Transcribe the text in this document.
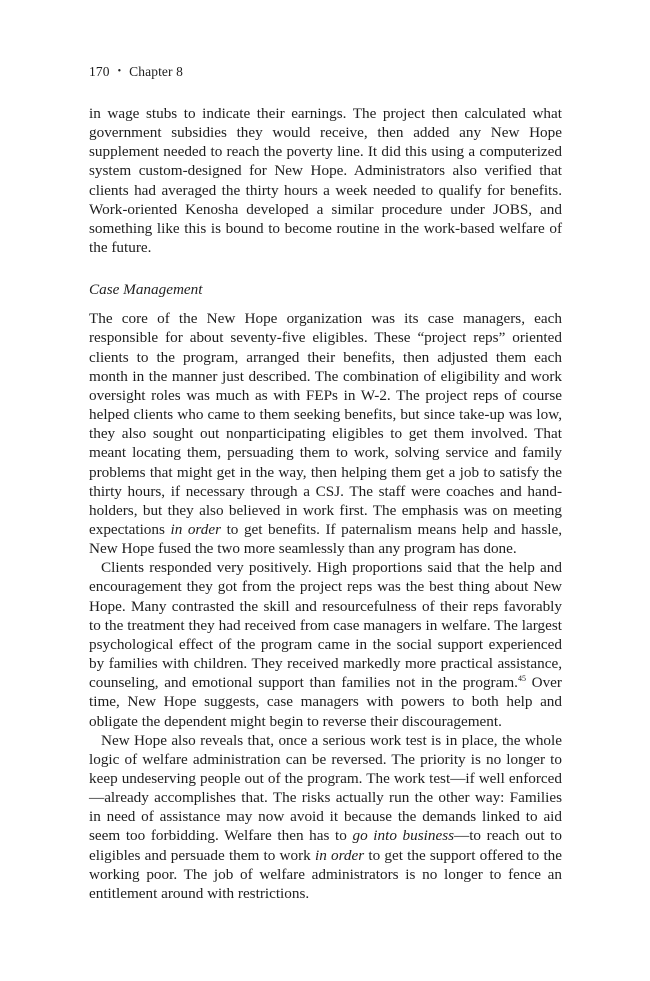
170 • Chapter 8

in wage stubs to indicate their earnings. The project then calculated what government subsidies they would receive, then added any New Hope supplement needed to reach the poverty line. It did this using a computerized system custom-designed for New Hope. Administrators also verified that clients had averaged the thirty hours a week needed to qualify for benefits. Work-oriented Kenosha developed a similar procedure under JOBS, and something like this is bound to become routine in the work-based welfare of the future.

Case Management

The core of the New Hope organization was its case managers, each responsible for about seventy-five eligibles. These “project reps” oriented clients to the program, arranged their benefits, then adjusted them each month in the manner just described. The combination of eligibility and work oversight roles was much as with FEPs in W-2. The project reps of course helped clients who came to them seeking benefits, but since take-up was low, they also sought out nonparticipating eligibles to get them involved. That meant locating them, persuading them to work, solving service and family problems that might get in the way, then helping them get a job to satisfy the thirty hours, if necessary through a CSJ. The staff were coaches and hand-holders, but they also believed in work first. The emphasis was on meeting expectations in order to get benefits. If paternalism means help and hassle, New Hope fused the two more seamlessly than any program has done.

Clients responded very positively. High proportions said that the help and encouragement they got from the project reps was the best thing about New Hope. Many contrasted the skill and resourcefulness of their reps favorably to the treatment they had received from case managers in welfare. The largest psychological effect of the program came in the social support experienced by families with children. They received markedly more practical assistance, counseling, and emotional support than families not in the program.$^{45}$ Over time, New Hope suggests, case managers with powers to both help and obligate the dependent might begin to reverse their discouragement.

New Hope also reveals that, once a serious work test is in place, the whole logic of welfare administration can be reversed. The priority is no longer to keep undeserving people out of the program. The work test—if well enforced—already accomplishes that. The risks actually run the other way: Families in need of assistance may now avoid it because the demands linked to aid seem too forbidding. Welfare then has to go into business—to reach out to eligibles and persuade them to work in order to get the support offered to the working poor. The job of welfare administrators is no longer to fence an entitlement around with restrictions.
